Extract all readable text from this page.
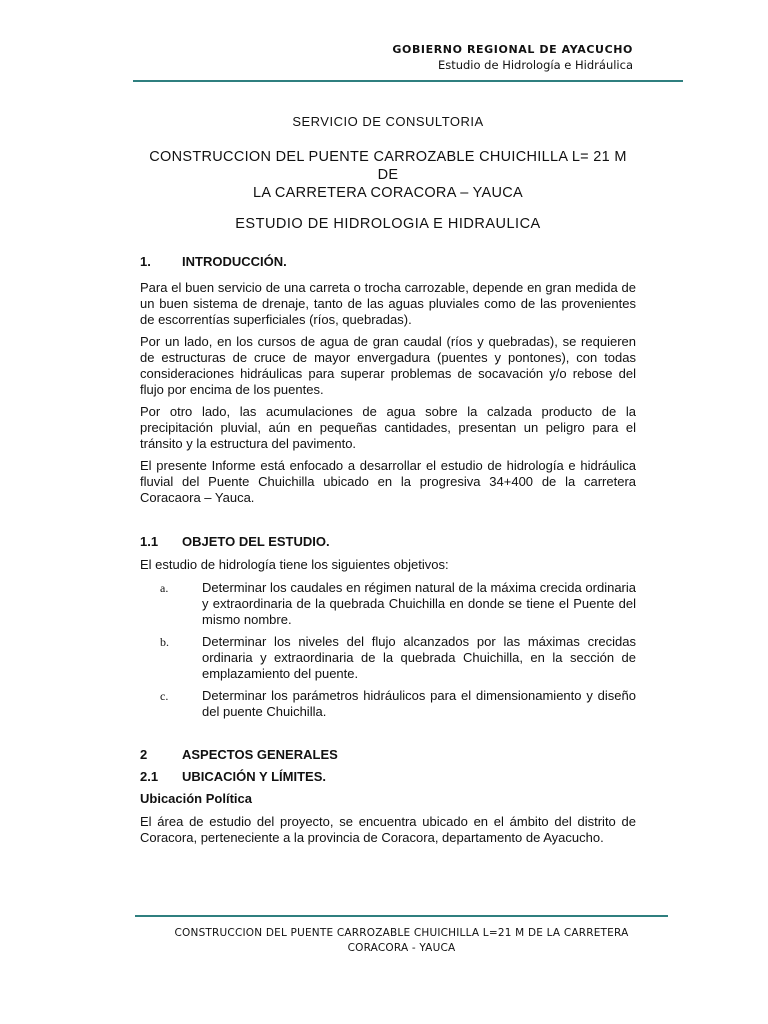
GOBIERNO REGIONAL DE AYACUCHO
Estudio de Hidrología e Hidráulica

SERVICIO DE CONSULTORIA

CONSTRUCCION DEL PUENTE CARROZABLE CHUICHILLA L= 21 M DE
LA CARRETERA CORACORA – YAUCA

ESTUDIO DE HIDROLOGIA E HIDRAULICA

1. INTRODUCCIÓN.

Para el buen servicio de una carreta o trocha carrozable, depende en gran medida de un buen sistema de drenaje, tanto de las aguas pluviales como de las provenientes de escorrentías superficiales (ríos, quebradas).

Por un lado, en los cursos de agua de gran caudal (ríos y quebradas), se requieren de estructuras de cruce de mayor envergadura (puentes y pontones), con todas consideraciones hidráulicas para superar problemas de socavación y/o rebose del flujo por encima de los puentes.

Por otro lado, las acumulaciones de agua sobre la calzada producto de la precipitación pluvial, aún en pequeñas cantidades, presentan un peligro para el tránsito y la estructura del pavimento.

El presente Informe está enfocado a desarrollar el estudio de hidrología e hidráulica fluvial del Puente Chuichilla ubicado en la progresiva 34+400 de la carretera Coracaora – Yauca.

1.1 OBJETO DEL ESTUDIO.

El estudio de hidrología tiene los siguientes objetivos:

a.	Determinar los caudales en régimen natural de la máxima crecida ordinaria y extraordinaria de la quebrada Chuichilla en donde se tiene el Puente del mismo nombre.
b.	Determinar los niveles del flujo alcanzados por las máximas crecidas ordinaria y extraordinaria de la quebrada Chuichilla, en la sección de emplazamiento del puente.
c.	Determinar los parámetros hidráulicos para el dimensionamiento y diseño del puente Chuichilla.

2	ASPECTOS GENERALES

2.1 UBICACIÓN Y LÍMITES.

Ubicación Política

El área de estudio del proyecto, se encuentra ubicado en el ámbito del distrito de Coracora, perteneciente a la provincia de Coracora, departamento de Ayacucho.

CONSTRUCCION DEL PUENTE CARROZABLE CHUICHILLA L=21 M DE LA CARRETERA
CORACORA - YAUCA
